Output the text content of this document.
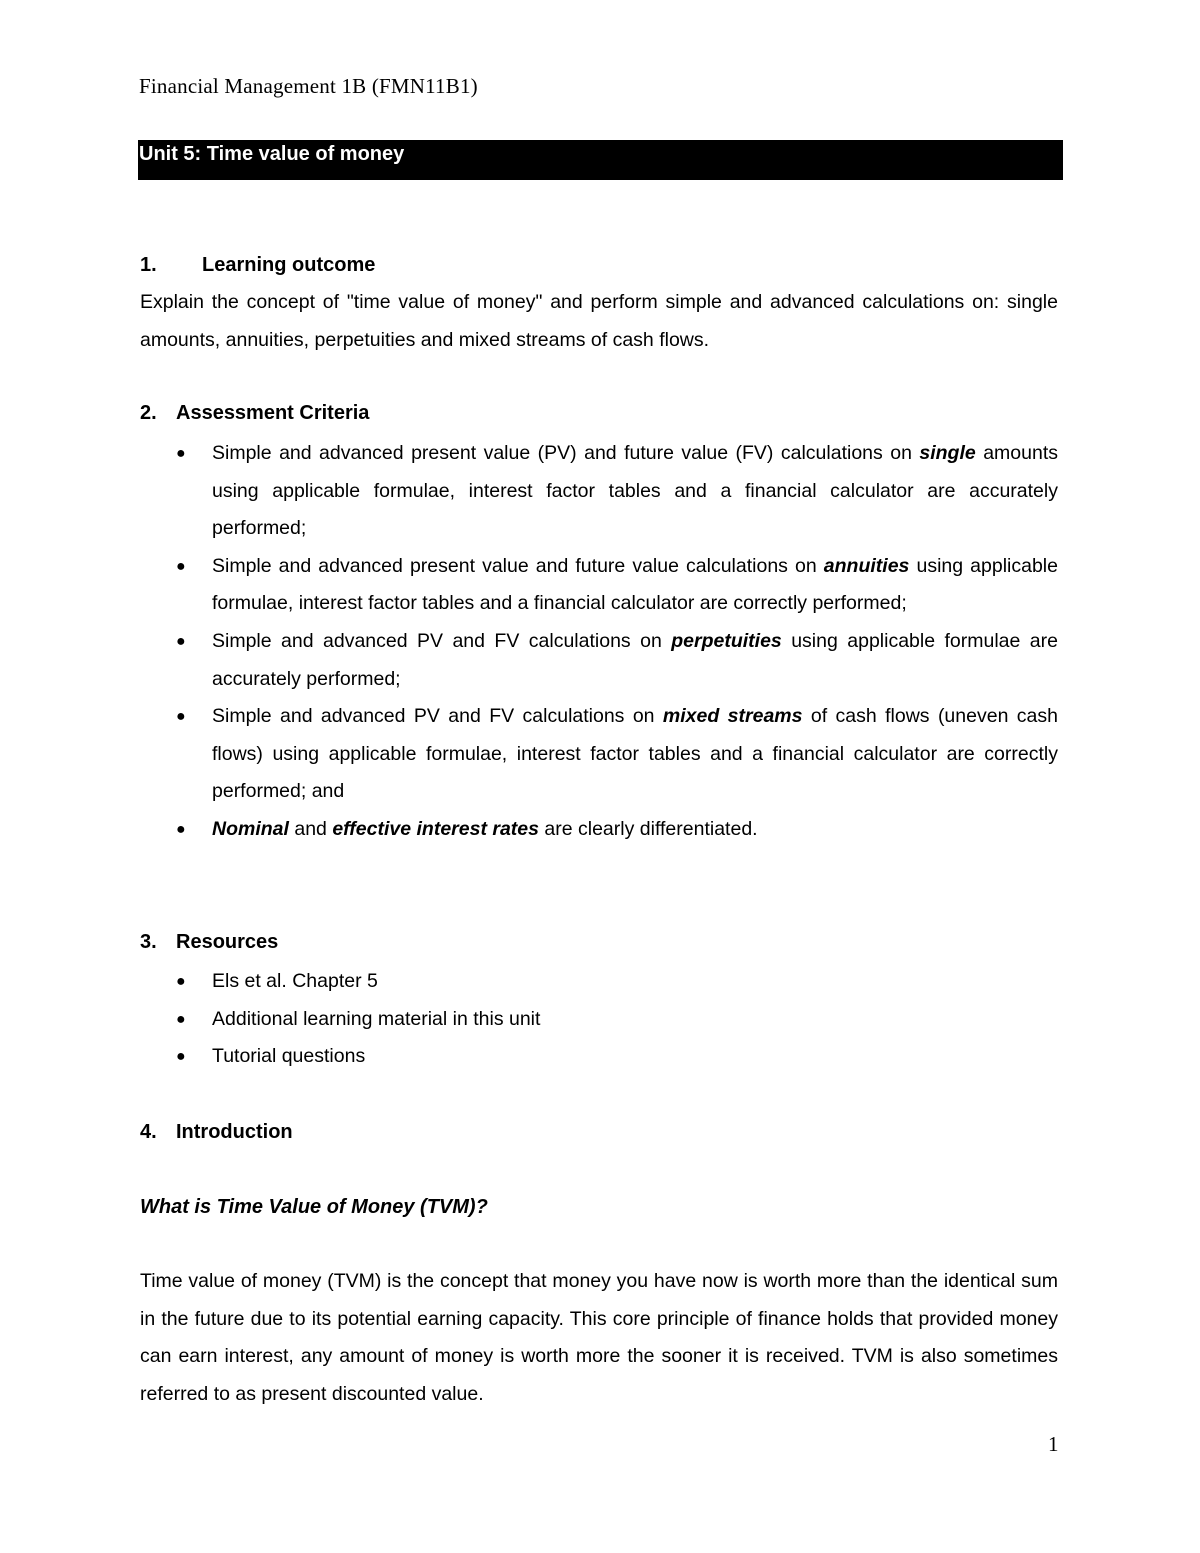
Financial Management 1B (FMN11B1)
Unit 5: Time value of money
1. Learning outcome
Explain the concept of "time value of money" and perform simple and advanced calculations on: single amounts, annuities, perpetuities and mixed streams of cash flows.
2. Assessment Criteria
● Simple and advanced present value (PV) and future value (FV) calculations on single amounts using applicable formulae, interest factor tables and a financial calculator are accurately performed;
● Simple and advanced present value and future value calculations on annuities using applicable formulae, interest factor tables and a financial calculator are correctly performed;
● Simple and advanced PV and FV calculations on perpetuities using applicable formulae are accurately performed;
● Simple and advanced PV and FV calculations on mixed streams of cash flows (uneven cash flows) using applicable formulae, interest factor tables and a financial calculator are correctly performed; and
● Nominal and effective interest rates are clearly differentiated.
3. Resources
● Els et al. Chapter 5
● Additional learning material in this unit
● Tutorial questions
4. Introduction
What is Time Value of Money (TVM)?
Time value of money (TVM) is the concept that money you have now is worth more than the identical sum in the future due to its potential earning capacity. This core principle of finance holds that provided money can earn interest, any amount of money is worth more the sooner it is received. TVM is also sometimes referred to as present discounted value.
1
